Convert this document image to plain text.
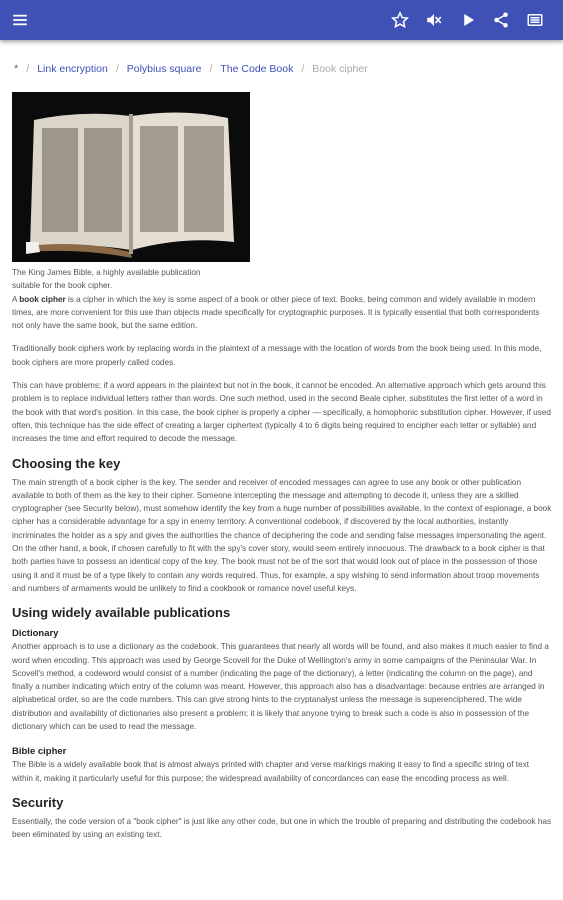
* / Link encryption / Polybius square / The Code Book / Book cipher
The King James Bible, a highly available publication
suitable for the book cipher.

A book cipher is a cipher in which the key is some aspect of a book or other piece of text. Books, being common and widely available in modern times, are more convenient for this use than objects made specifically for cryptographic purposes. It is typically essential that both correspondents not only have the same book, but the same edition.

Traditionally book ciphers work by replacing words in the plaintext of a message with the location of words from the book being used. In this mode, book ciphers are more properly called codes.

This can have problems; if a word appears in the plaintext but not in the book, it cannot be encoded. An alternative approach which gets around this problem is to replace individual letters rather than words. One such method, used in the second Beale cipher, substitutes the first letter of a word in the book with that word's position. In this case, the book cipher is properly a cipher — specifically, a homophonic substitution cipher. However, if used often, this technique has the side effect of creating a larger ciphertext (typically 4 to 6 digits being required to encipher each letter or syllable) and increases the time and effort required to decode the message.

Choosing the key

The main strength of a book cipher is the key. The sender and receiver of encoded messages can agree to use any book or other publication available to both of them as the key to their cipher. Someone intercepting the message and attempting to decode it, unless they are a skilled cryptographer (see Security below), must somehow identify the key from a huge number of possibilities available. In the context of espionage, a book cipher has a considerable advantage for a spy in enemy territory. A conventional codebook, if discovered by the local authorities, instantly incriminates the holder as a spy and gives the authorities the chance of deciphering the code and sending false messages impersonating the agent. On the other hand, a book, if chosen carefully to fit with the spy's cover story, would seem entirely innocuous. The drawback to a book cipher is that both parties have to possess an identical copy of the key. The book must not be of the sort that would look out of place in the possession of those using it and it must be of a type likely to contain any words required. Thus, for example, a spy wishing to send information about troop movements and numbers of armaments would be unlikely to find a cookbook or romance novel useful keys.

Using widely available publications
Dictionary

Another approach is to use a dictionary as the codebook. This guarantees that nearly all words will be found, and also makes it much easier to find a word when encoding. This approach was used by George Scovell for the Duke of Wellington's army in some campaigns of the Peninsular War. In Scovell's method, a codeword would consist of a number (indicating the page of the dictionary), a letter (indicating the column on the page), and finally a number indicating which entry of the column was meant. However, this approach also has a disadvantage: because entries are arranged in alphabetical order, so are the code numbers. This can give strong hints to the cryptanalyst unless the message is superenciphered. The wide distribution and availability of dictionaries also present a problem; it is likely that anyone trying to break such a code is also in possession of the dictionary which can be used to read the message.

Bible cipher

The Bible is a widely available book that is almost always printed with chapter and verse markings making it easy to find a specific string of text within it, making it particularly useful for this purpose; the widespread availability of concordances can ease the encoding process as well.

Security

Essentially, the code version of a "book cipher" is just like any other code, but one in which the trouble of preparing and distributing the codebook has been eliminated by using an existing text.
